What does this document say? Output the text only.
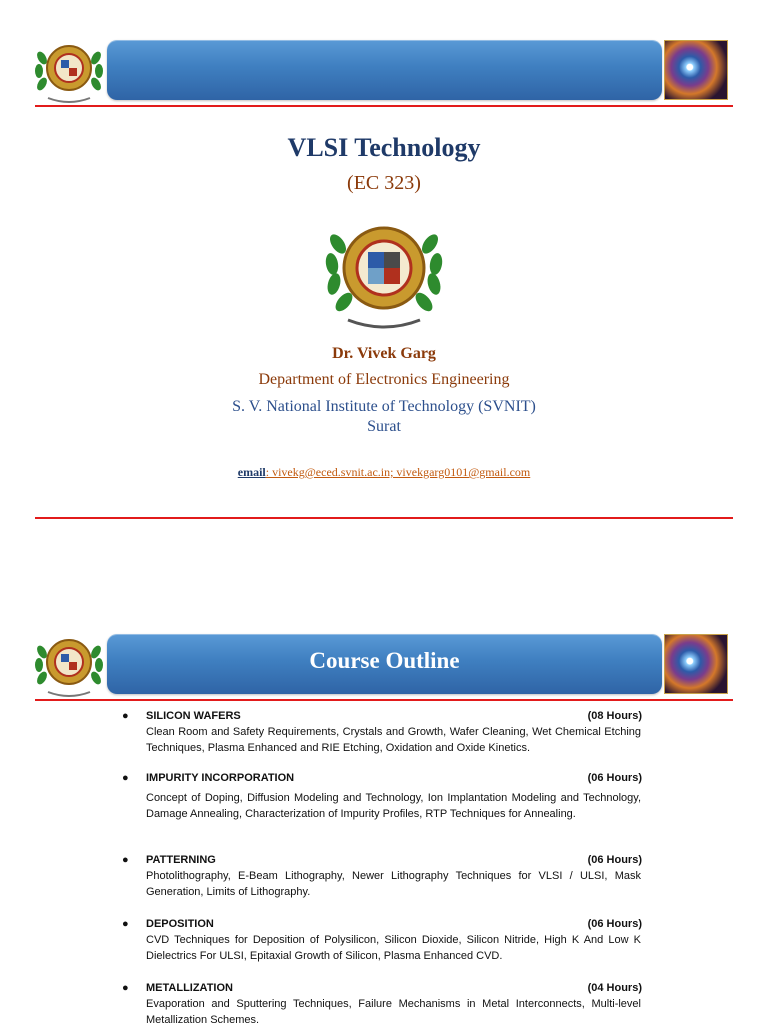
VLSI Technology
(EC 323)
Dr. Vivek Garg
Department of Electronics Engineering
S. V. National Institute of Technology (SVNIT)
Surat
email: vivekg@eced.svnit.ac.in; vivekgarg0101@gmail.com
Course Outline
● SILICON WAFERS	(08 Hours)
Clean Room and Safety Requirements, Crystals and Growth, Wafer Cleaning, Wet Chemical Etching Techniques, Plasma Enhanced and RIE Etching, Oxidation and Oxide Kinetics.
● IMPURITY INCORPORATION	(06 Hours)
Concept of Doping, Diffusion Modeling and Technology, Ion Implantation Modeling and Technology, Damage Annealing, Characterization of Impurity Profiles, RTP Techniques for Annealing.
● PATTERNING	(06 Hours)
Photolithography, E-Beam Lithography, Newer Lithography Techniques for VLSI / ULSI, Mask Generation, Limits of Lithography.
● DEPOSITION	(06 Hours)
CVD Techniques for Deposition of Polysilicon, Silicon Dioxide, Silicon Nitride, High K And Low K Dielectrics For ULSI, Epitaxial Growth of Silicon, Plasma Enhanced CVD.
● METALLIZATION	(04 Hours)
Evaporation and Sputtering Techniques, Failure Mechanisms in Metal Interconnects, Multi-level Metallization Schemes.
